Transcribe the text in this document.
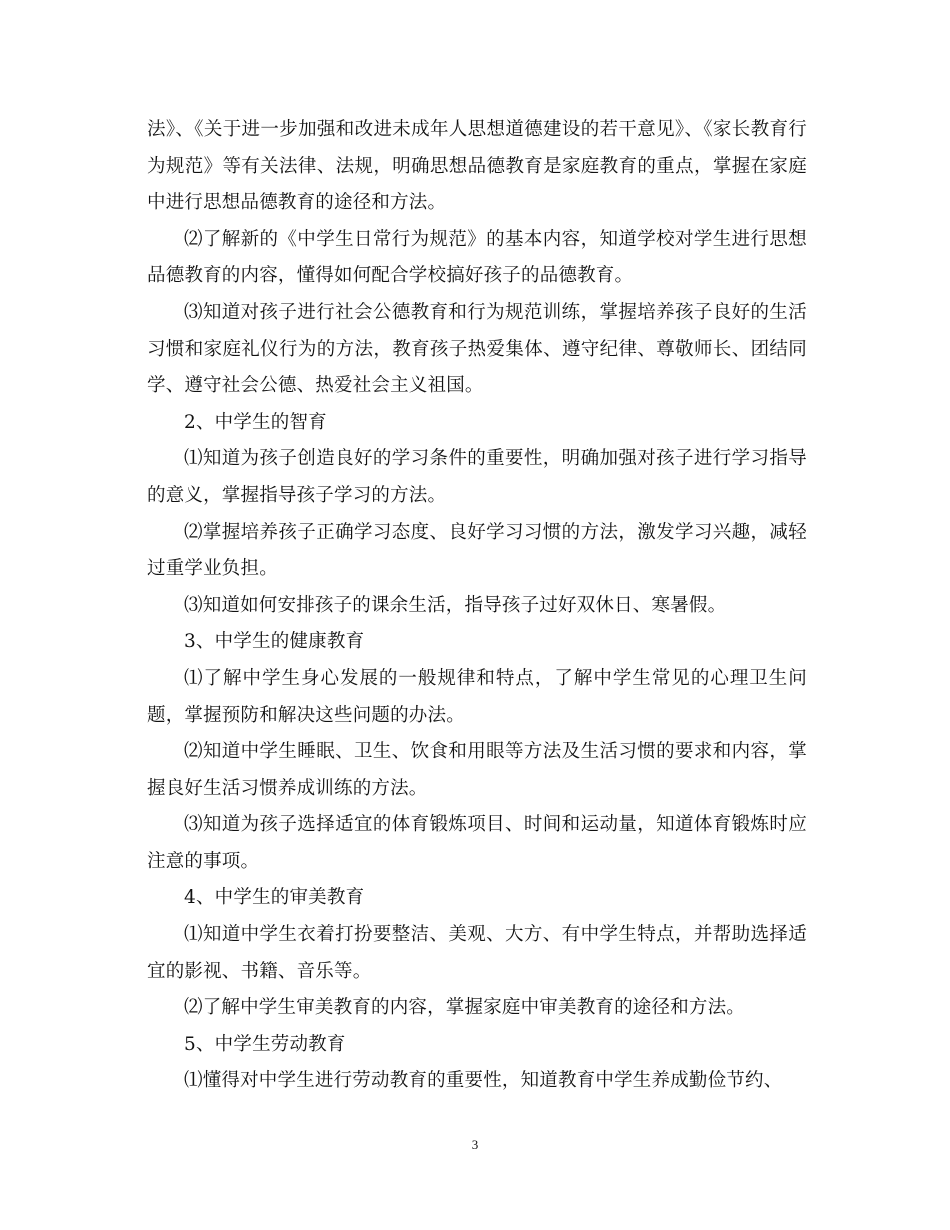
法》、《关于进一步加强和改进未成年人思想道德建设的若干意见》、《家长教育行为规范》等有关法律、法规，明确思想品德教育是家庭教育的重点，掌握在家庭中进行思想品德教育的途径和方法。

⑵了解新的《中学生日常行为规范》的基本内容，知道学校对学生进行思想品德教育的内容，懂得如何配合学校搞好孩子的品德教育。

⑶知道对孩子进行社会公德教育和行为规范训练，掌握培养孩子良好的生活习惯和家庭礼仪行为的方法，教育孩子热爱集体、遵守纪律、尊敬师长、团结同学、遵守社会公德、热爱社会主义祖国。

2、中学生的智育

⑴知道为孩子创造良好的学习条件的重要性，明确加强对孩子进行学习指导的意义，掌握指导孩子学习的方法。

⑵掌握培养孩子正确学习态度、良好学习习惯的方法，激发学习兴趣，减轻过重学业负担。

⑶知道如何安排孩子的课余生活，指导孩子过好双休日、寒暑假。

3、中学生的健康教育

⑴了解中学生身心发展的一般规律和特点，了解中学生常见的心理卫生问题，掌握预防和解决这些问题的办法。

⑵知道中学生睡眠、卫生、饮食和用眼等方法及生活习惯的要求和内容，掌握良好生活习惯养成训练的方法。

⑶知道为孩子选择适宜的体育锻炼项目、时间和运动量，知道体育锻炼时应注意的事项。

4、中学生的审美教育

⑴知道中学生衣着打扮要整洁、美观、大方、有中学生特点，并帮助选择适宜的影视、书籍、音乐等。

⑵了解中学生审美教育的内容，掌握家庭中审美教育的途径和方法。

5、中学生劳动教育

⑴懂得对中学生进行劳动教育的重要性，知道教育中学生养成勤俭节约、

3
